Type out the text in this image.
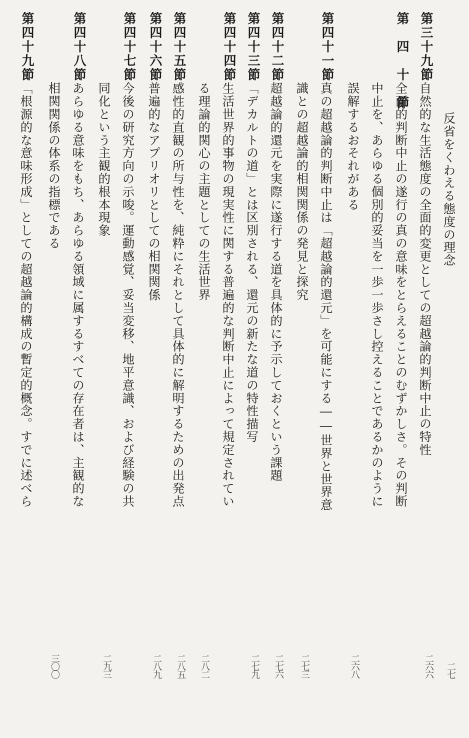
反省をくわえる態度の理念
第三十九節
自然的な生活態度の全面的変更としての超越論的判断中止の特性
二七
第　四　十　節
全面的判断中止の遂行の真の意味をとらえることのむずかしさ。その判断
中止を、あらゆる個別的妥当を一歩一歩さし控えることであるかのように
誤解するおそれがある
二六六
第四十一節
真の超越論的判断中止は「超越論的還元」を可能にする――世界と世界意
識との超越論的相関関係の発見と探究
二六八
第四十二節
超越論的還元を実際に遂行する道を具体的に予示しておくという課題
二七三
第四十三節
「デカルトの道」とは区別される、還元の新たな道の特性描写
二七六
第四十四節
生活世界的事物の現実性に関する普遍的な判断中止によって規定されてい
る理論的関心の主題としての生活世界
二七九
第四十五節
感性的直観の所与性を、純粋にそれとして具体的に解明するための出発点
二八二
第四十六節
普遍的なアプリオリとしての相関関係
二八五
第四十七節
今後の研究方向の示唆。運動感覚、妥当変移、地平意識、および経験の共
同化という主観的根本現象
二八九
第四十八節
あらゆる意味をもち、あらゆる領域に属するすべての存在者は、主観的な
相関関係の体系の指標である
二九三
第四十九節
「根源的な意味形成」としての超越論的構成の暫定的概念。すでに述べら
三〇〇
